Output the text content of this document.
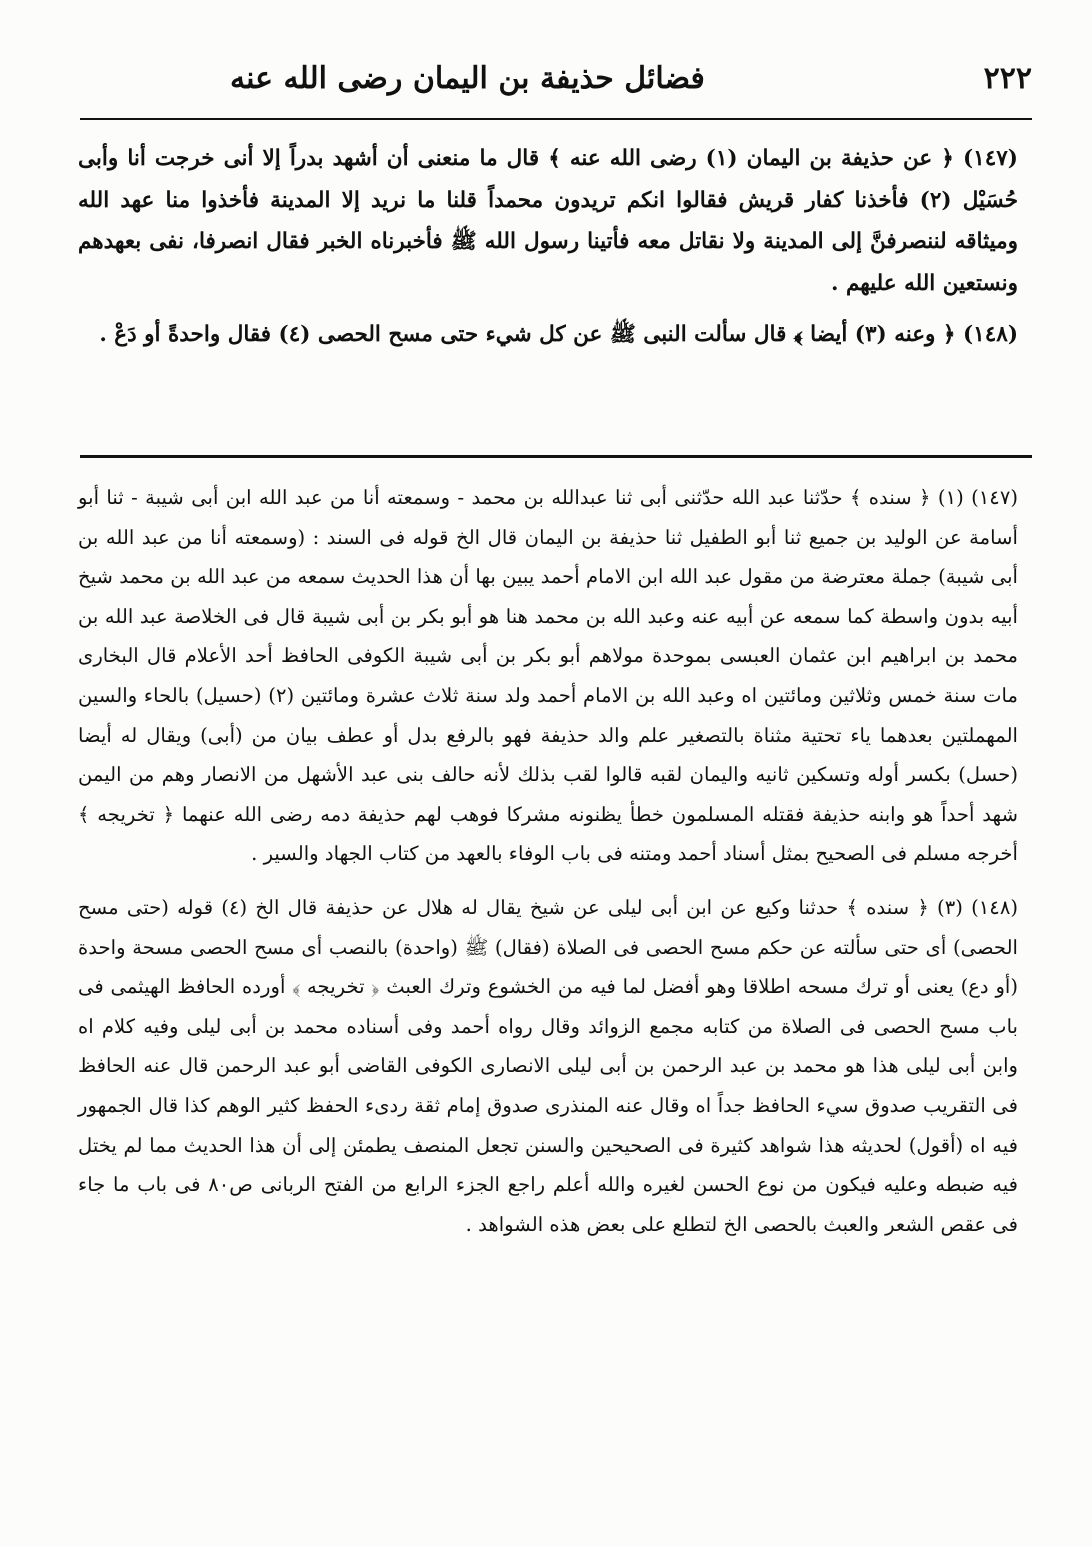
٢٢٢
فضائل حذيفة بن اليمان رضى الله عنه

(١٤٧) ﴿ عن حذيفة بن اليمان (١) رضى الله عنه ﴾ قال ما منعنى أن أشهد بدراً إلا أنى خرجت أنا وأبى حُسَيْل (٢) فأخذنا كفار قريش فقالوا انكم تريدون محمداً قلنا ما نريد إلا المدينة فأخذوا منا عهد الله وميثاقه لننصرفنَّ إلى المدينة ولا نقاتل معه فأتينا رسول الله ﷺ فأخبرناه الخبر فقال انصرفا، نفى بعهدهم ونستعين الله عليهم .

(١٤٨) ﴿ وعنه (٣) أيضا ﴾ قال سألت النبى ﷺ عن كل شيء حتى مسح الحصى (٤) فقال واحدةً أو دَعْ .

(١٤٧) (١) ﴿ سنده ﴾ حدّثنا عبد الله حدّثنى أبى ثنا عبدالله بن محمد - وسمعته أنا من عبد الله ابن أبى شيبة - ثنا أبو أسامة عن الوليد بن جميع ثنا أبو الطفيل ثنا حذيفة بن اليمان قال الخ قوله فى السند : (وسمعته أنا من عبد الله بن أبى شيبة) جملة معترضة من مقول عبد الله ابن الامام أحمد يبين بها أن هذا الحديث سمعه من عبد الله بن محمد شيخ أبيه بدون واسطة كما سمعه عن أبيه عنه وعبد الله بن محمد هنا هو أبو بكر بن أبى شيبة قال فى الخلاصة عبد الله بن محمد بن ابراهيم ابن عثمان العبسى بموحدة مولاهم أبو بكر بن أبى شيبة الكوفى الحافظ أحد الأعلام قال البخارى مات سنة خمس وثلاثين ومائتين اه وعبد الله بن الامام أحمد ولد سنة ثلاث عشرة ومائتين (٢) (حسيل) بالحاء والسين المهملتين بعدهما ياء تحتية مثناة بالتصغير علم والد حذيفة فهو بالرفع بدل أو عطف بيان من (أبى) ويقال له أيضا (حسل) بكسر أوله وتسكين ثانيه واليمان لقبه قالوا لقب بذلك لأنه حالف بنى عبد الأشهل من الانصار وهم من اليمن شهد أحداً هو وابنه حذيفة فقتله المسلمون خطأ يظنونه مشركا فوهب لهم حذيفة دمه رضى الله عنهما ﴿ تخريجه ﴾ أخرجه مسلم فى الصحيح بمثل أسناد أحمد ومتنه فى باب الوفاء بالعهد من كتاب الجهاد والسير .

(١٤٨) (٣) ﴿ سنده ﴾ حدثنا وكيع عن ابن أبى ليلى عن شيخ يقال له هلال عن حذيفة قال الخ (٤) قوله (حتى مسح الحصى) أى حتى سألته عن حكم مسح الحصى فى الصلاة (فقال) ﷺ (واحدة) بالنصب أى مسح الحصى مسحة واحدة (أو دع) يعنى أو ترك مسحه اطلاقا وهو أفضل لما فيه من الخشوع وترك العبث ﴿ تخريجه ﴾ أورده الحافظ الهيثمى فى باب مسح الحصى فى الصلاة من كتابه مجمع الزوائد وقال رواه أحمد وفى أسناده محمد بن أبى ليلى وفيه كلام اه وابن أبى ليلى هذا هو محمد بن عبد الرحمن بن أبى ليلى الانصارى الكوفى القاضى أبو عبد الرحمن قال عنه الحافظ فى التقريب صدوق سيء الحافظ جداً اه وقال عنه المنذرى صدوق إمام ثقة ردىء الحفظ كثير الوهم كذا قال الجمهور فيه اه (أقول) لحديثه هذا شواهد كثيرة فى الصحيحين والسنن تجعل المنصف يطمئن إلى أن هذا الحديث مما لم يختل فيه ضبطه وعليه فيكون من نوع الحسن لغيره والله أعلم راجع الجزء الرابع من الفتح الربانى ص٨٠ فى باب ما جاء فى عقص الشعر والعبث بالحصى الخ لتطلع على بعض هذه الشواهد .
